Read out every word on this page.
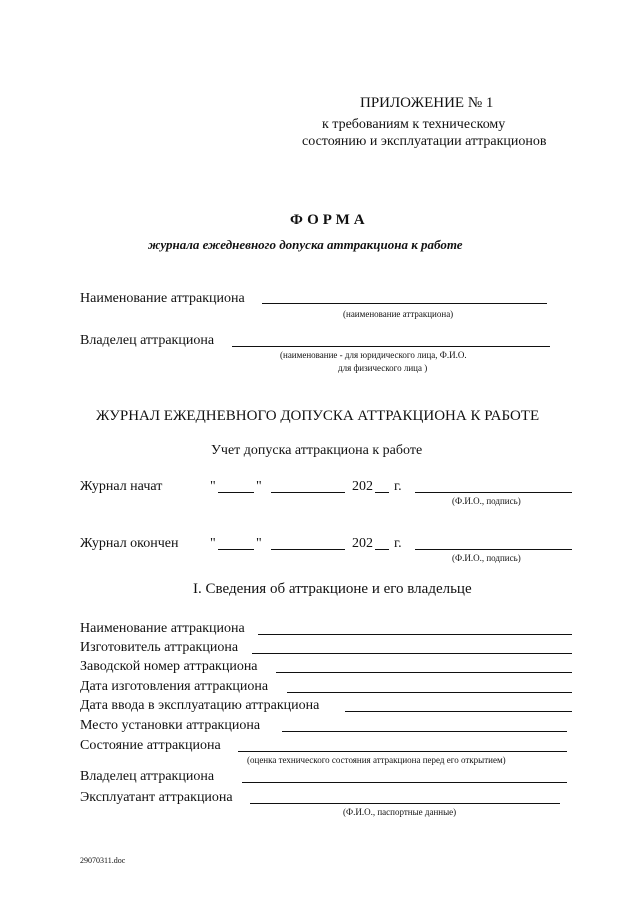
ПРИЛОЖЕНИЕ № 1
к требованиям к техническому
состоянию и эксплуатации аттракционов
ФОРМА
журнала ежедневного допуска аттракциона к работе
Наименование аттракциона
(наименование аттракциона)
Владелец аттракциона
(наименование - для юридического лица, Ф.И.О.
для физического лица )
ЖУРНАЛ ЕЖЕДНЕВНОГО ДОПУСКА АТТРАКЦИОНА К РАБОТЕ
Учет допуска аттракциона к работе
Журнал начат	"	"	202 г.
(Ф.И.О., подпись)
Журнал окончен "	"	202 г.
(Ф.И.О., подпись)
I. Сведения об аттракционе и его владельце
Наименование аттракциона
Изготовитель аттракциона
Заводской номер аттракциона
Дата изготовления аттракциона
Дата ввода в эксплуатацию аттракциона
Место установки аттракциона
Состояние аттракциона
(оценка технического состояния аттракциона перед его открытием)
Владелец аттракциона
Эксплуатант аттракциона
(Ф.И.О., паспортные данные)
29070311.doc
